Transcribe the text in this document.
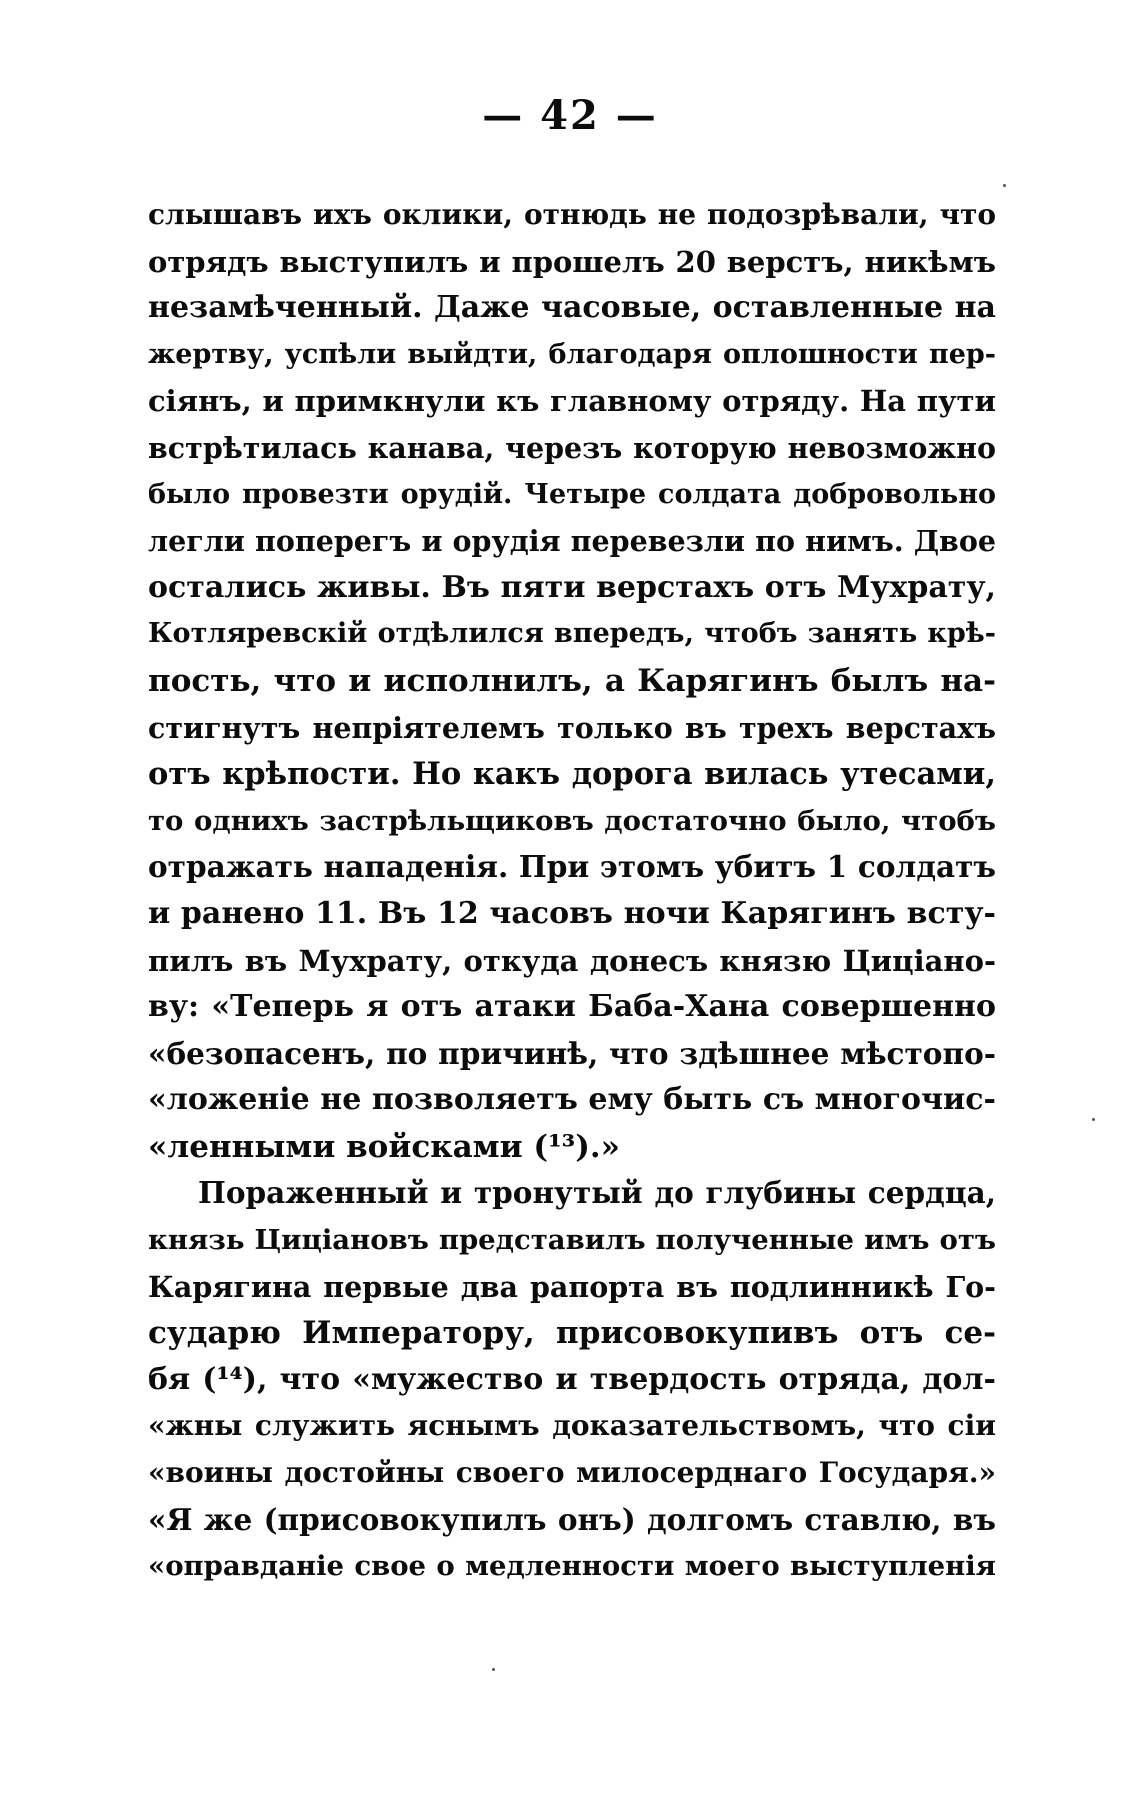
— 42 —
слышавъ ихъ оклики, отнюдь не подозрѣвали, что
отрядъ выступилъ и прошелъ 20 верстъ, никѣмъ
незамѣченный. Даже часовые, оставленные на
жертву, успѣли выйдти, благодаря оплошности пер-
сіянъ, и примкнули къ главному отряду. На пути
встрѣтилась канава, черезъ которую невозможно
было провезти орудій. Четыре солдата добровольно
легли поперегъ и орудія перевезли по нимъ. Двое
остались живы. Въ пяти верстахъ отъ Мухрату,
Котляревскій отдѣлился впередъ, чтобъ занять крѣ-
пость, что и исполнилъ, а Карягинъ былъ на-
стигнутъ непріятелемъ только въ трехъ верстахъ
отъ крѣпости. Но какъ дорога вилась утесами,
то однихъ застрѣльщиковъ достаточно было, чтобъ
отражать нападенія. При этомъ убитъ 1 солдатъ
и ранено 11. Въ 12 часовъ ночи Карягинъ всту-
пилъ въ Мухрату, откуда донесъ князю Циціано-
ву: «Теперь я отъ атаки Баба-Хана совершенно
«безопасенъ, по причинѣ, что здѣшнее мѣстопо-
«ложеніе не позволяетъ ему быть съ многочис-
«ленными войсками (¹³).»
Пораженный и тронутый до глубины сердца,
князь Циціановъ представилъ полученные имъ отъ
Карягина первые два рапорта въ подлинникѣ Го-
сударю Императору, присовокупивъ отъ се-
бя (¹⁴), что «мужество и твердость отряда, дол-
«жны служить яснымъ доказательствомъ, что сіи
«воины достойны своего милосерднаго Государя.»
«Я же (присовокупилъ онъ) долгомъ ставлю, въ
«оправданіе свое о медленности моего выступленія
